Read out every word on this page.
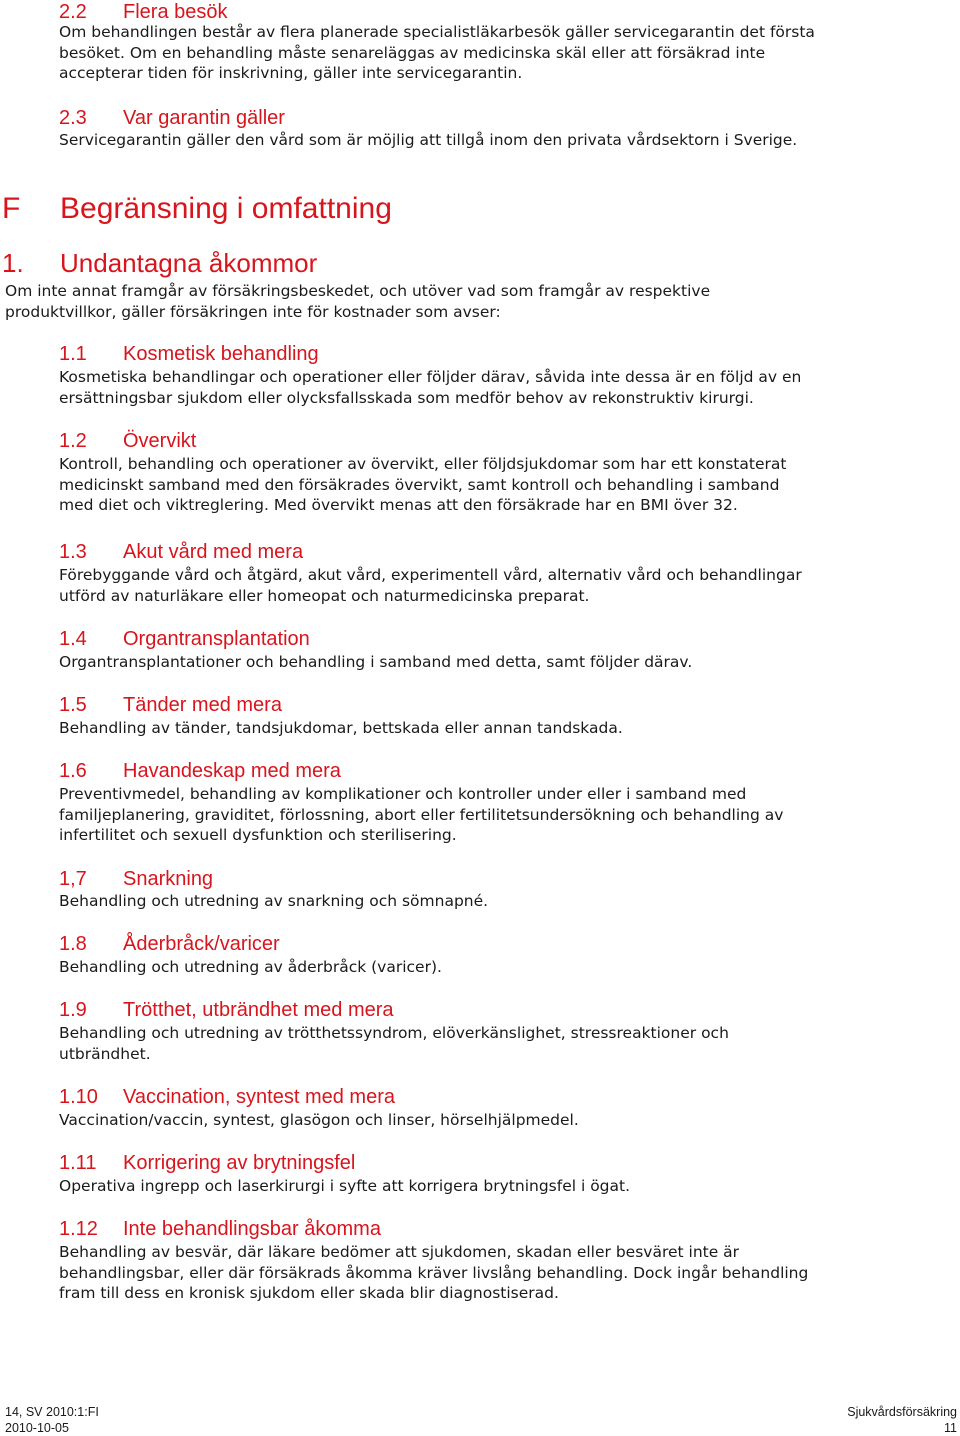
2.2 Flera besök
Om behandlingen består av flera planerade specialistläkarbesök gäller servicegarantin det första
besöket. Om en behandling måste senareläggas av medicinska skäl eller att försäkrad inte
accepterar tiden för inskrivning, gäller inte servicegarantin.
2.3 Var garantin gäller
Servicegarantin gäller den vård som är möjlig att tillgå inom den privata vårdsektorn i Sverige.
F Begränsning i omfattning
1. Undantagna åkommor
Om inte annat framgår av försäkringsbeskedet, och utöver vad som framgår av respektive
produktvillkor, gäller försäkringen inte för kostnader som avser:
1.1 Kosmetisk behandling
Kosmetiska behandlingar och operationer eller följder därav, såvida inte dessa är en följd av en
ersättningsbar sjukdom eller olycksfallsskada som medför behov av rekonstruktiv kirurgi.
1.2 Övervikt
Kontroll, behandling och operationer av övervikt, eller följdsjukdomar som har ett konstaterat
medicinskt samband med den försäkrades övervikt, samt kontroll och behandling i samband
med diet och viktreglering. Med övervikt menas att den försäkrade har en BMI över 32.
1.3 Akut vård med mera
Förebyggande vård och åtgärd, akut vård, experimentell vård, alternativ vård och behandlingar
utförd av naturläkare eller homeopat och naturmedicinska preparat.
1.4 Organtransplantation
Organtransplantationer och behandling i samband med detta, samt följder därav.
1.5 Tänder med mera
Behandling av tänder, tandsjukdomar, bettskada eller annan tandskada.
1.6 Havandeskap med mera
Preventivmedel, behandling av komplikationer och kontroller under eller i samband med
familjeplanering, graviditet, förlossning, abort eller fertilitetsundersökning och behandling av
infertilitet och sexuell dysfunktion och sterilisering.
1,7 Snarkning
Behandling och utredning av snarkning och sömnapné.
1.8 Åderbråck/varicer
Behandling och utredning av åderbråck (varicer).
1.9 Trötthet, utbrändhet med mera
Behandling och utredning av trötthetssyndrom, elöverkänslighet, stressreaktioner och
utbrändhet.
1.10 Vaccination, syntest med mera
Vaccination/vaccin, syntest, glasögon och linser, hörselhjälpmedel.
1.11 Korrigering av brytningsfel
Operativa ingrepp och laserkirurgi i syfte att korrigera brytningsfel i ögat.
1.12 Inte behandlingsbar åkomma
Behandling av besvär, där läkare bedömer att sjukdomen, skadan eller besväret inte är
behandlingsbar, eller där försäkrads åkomma kräver livslång behandling. Dock ingår behandling
fram till dess en kronisk sjukdom eller skada blir diagnostiserad.
14, SV 2010:1:FI
2010-10-05
Sjukvårdsförsäkring
11
